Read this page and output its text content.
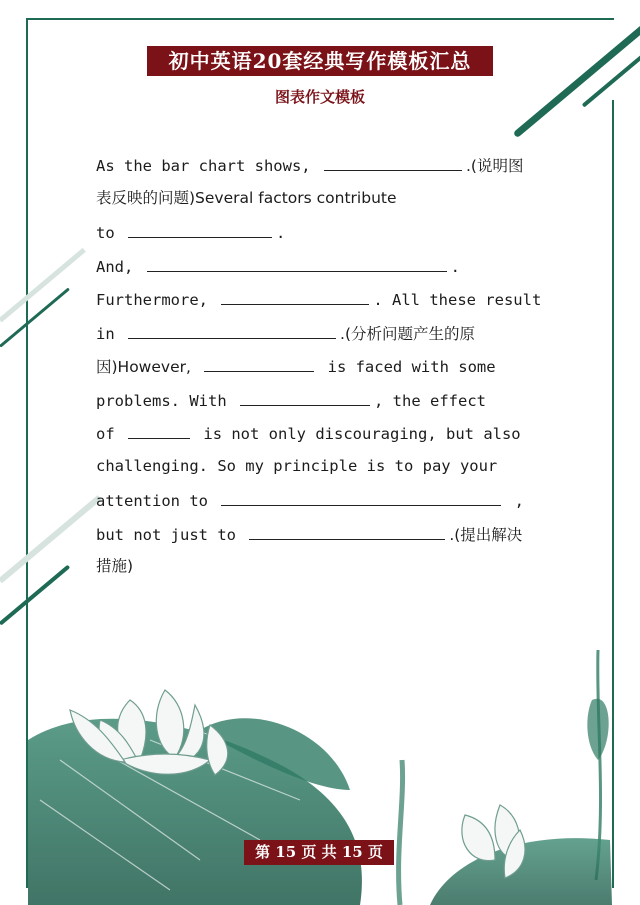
初中英语20套经典写作模板汇总
图表作文模板
As the bar chart shows,	.(说明图
表反映的问题)Several factors contribute
to	.
And,	.
Furthermore,	. All these result
in	.(分析问题产生的原
因)However,	is faced with some
problems. With	, the effect
of	is not only discouraging, but also
challenging. So my principle is to pay your
attention to	,
but not just to	.(提出解决
措施)
第 15 页 共 15 页
